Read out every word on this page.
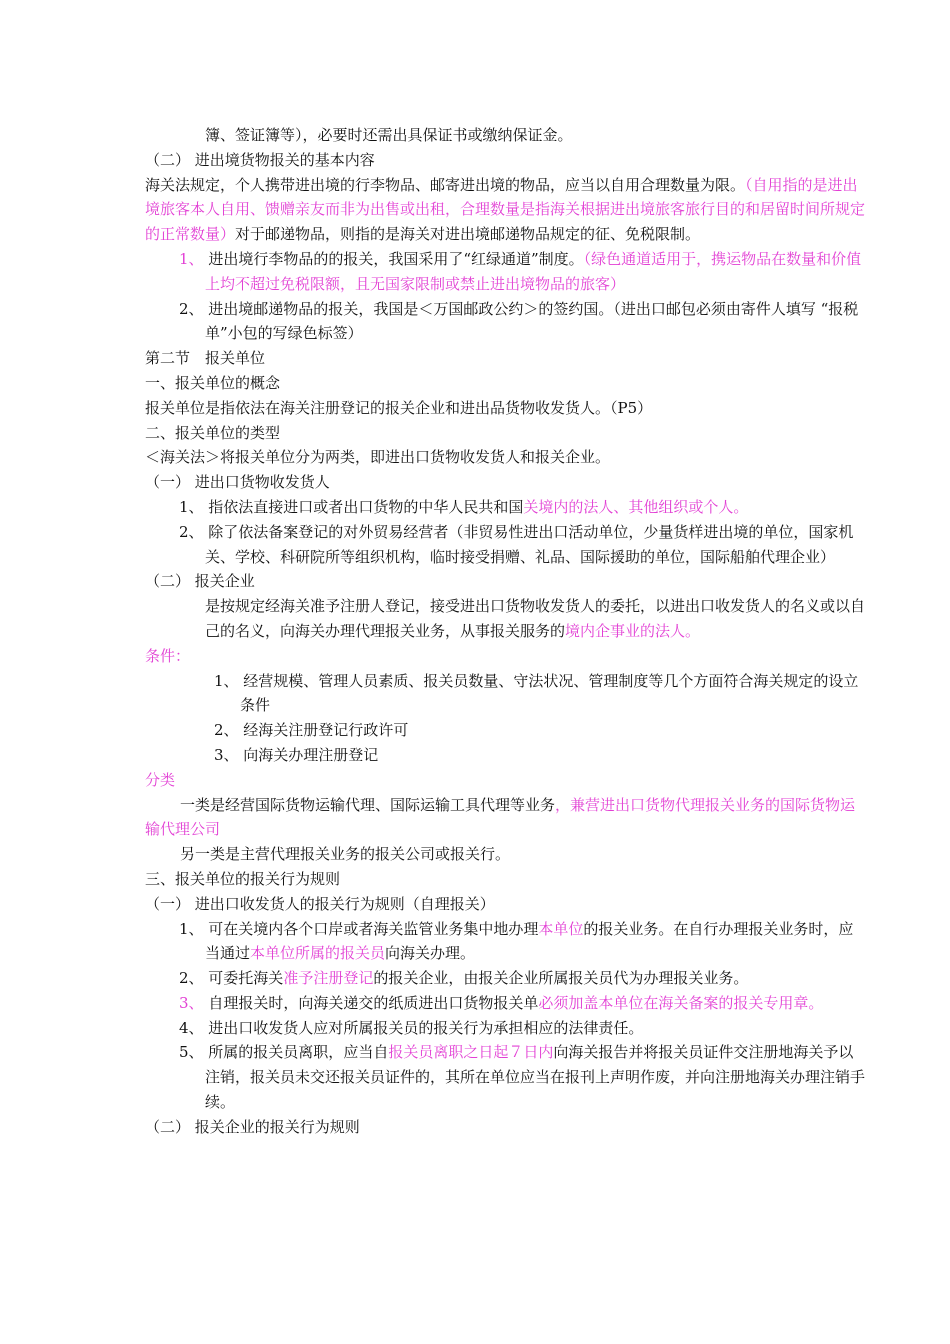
簿、签证簿等），必要时还需出具保证书或缴纳保证金。

（二） 进出境货物报关的基本内容

海关法规定，个人携带进出境的行李物品、邮寄进出境的物品，应当以自用合理数量为限。（自用指的是进出境旅客本人自用、馈赠亲友而非为出售或出租，合理数量是指海关根据进出境旅客旅行目的和居留时间所规定的正常数量）对于邮递物品，则指的是海关对进出境邮递物品规定的征、免税限制。

1、 进出境行李物品的的报关，我国采用了“红绿通道”制度。（绿色通道适用于，携运物品在数量和价值上均不超过免税限额，且无国家限制或禁止进出境物品的旅客）

2、 进出境邮递物品的报关，我国是＜万国邮政公约＞的签约国。（进出口邮包必须由寄件人填写 “报税单”小包的写绿色标签）

第二节　报关单位

一、报关单位的概念

报关单位是指依法在海关注册登记的报关企业和进出品货物收发货人。（P5）

二、报关单位的类型

＜海关法＞将报关单位分为两类，即进出口货物收发货人和报关企业。

（一） 进出口货物收发货人

1、 指依法直接进口或者出口货物的中华人民共和国关境内的法人、其他组织或个人。

2、 除了依法备案登记的对外贸易经营者（非贸易性进出口活动单位，少量货样进出境的单位，国家机关、学校、科研院所等组织机构，临时接受捐赠、礼品、国际援助的单位，国际船舶代理企业）

（二） 报关企业

是按规定经海关准予注册人登记，接受进出口货物收发货人的委托，以进出口收发货人的名义或以自己的名义，向海关办理代理报关业务，从事报关服务的境内企事业的法人。

条件：

1、 经营规模、管理人员素质、报关员数量、守法状况、管理制度等几个方面符合海关规定的设立条件

2、 经海关注册登记行政许可

3、 向海关办理注册登记

分类

一类是经营国际货物运输代理、国际运输工具代理等业务，兼营进出口货物代理报关业务的国际货物运输代理公司

另一类是主营代理报关业务的报关公司或报关行。

三、报关单位的报关行为规则

（一） 进出口收发货人的报关行为规则（自理报关）

1、 可在关境内各个口岸或者海关监管业务集中地办理本单位的报关业务。在自行办理报关业务时，应当通过本单位所属的报关员向海关办理。

2、 可委托海关准予注册登记的报关企业，由报关企业所属报关员代为办理报关业务。

3、 自理报关时，向海关递交的纸质进出口货物报关单必须加盖本单位在海关备案的报关专用章。

4、 进出口收发货人应对所属报关员的报关行为承担相应的法律责任。

5、 所属的报关员离职，应当自报关员离职之日起７日内向海关报告并将报关员证件交注册地海关予以注销，报关员未交还报关员证件的，其所在单位应当在报刊上声明作废，并向注册地海关办理注销手续。

（二） 报关企业的报关行为规则
